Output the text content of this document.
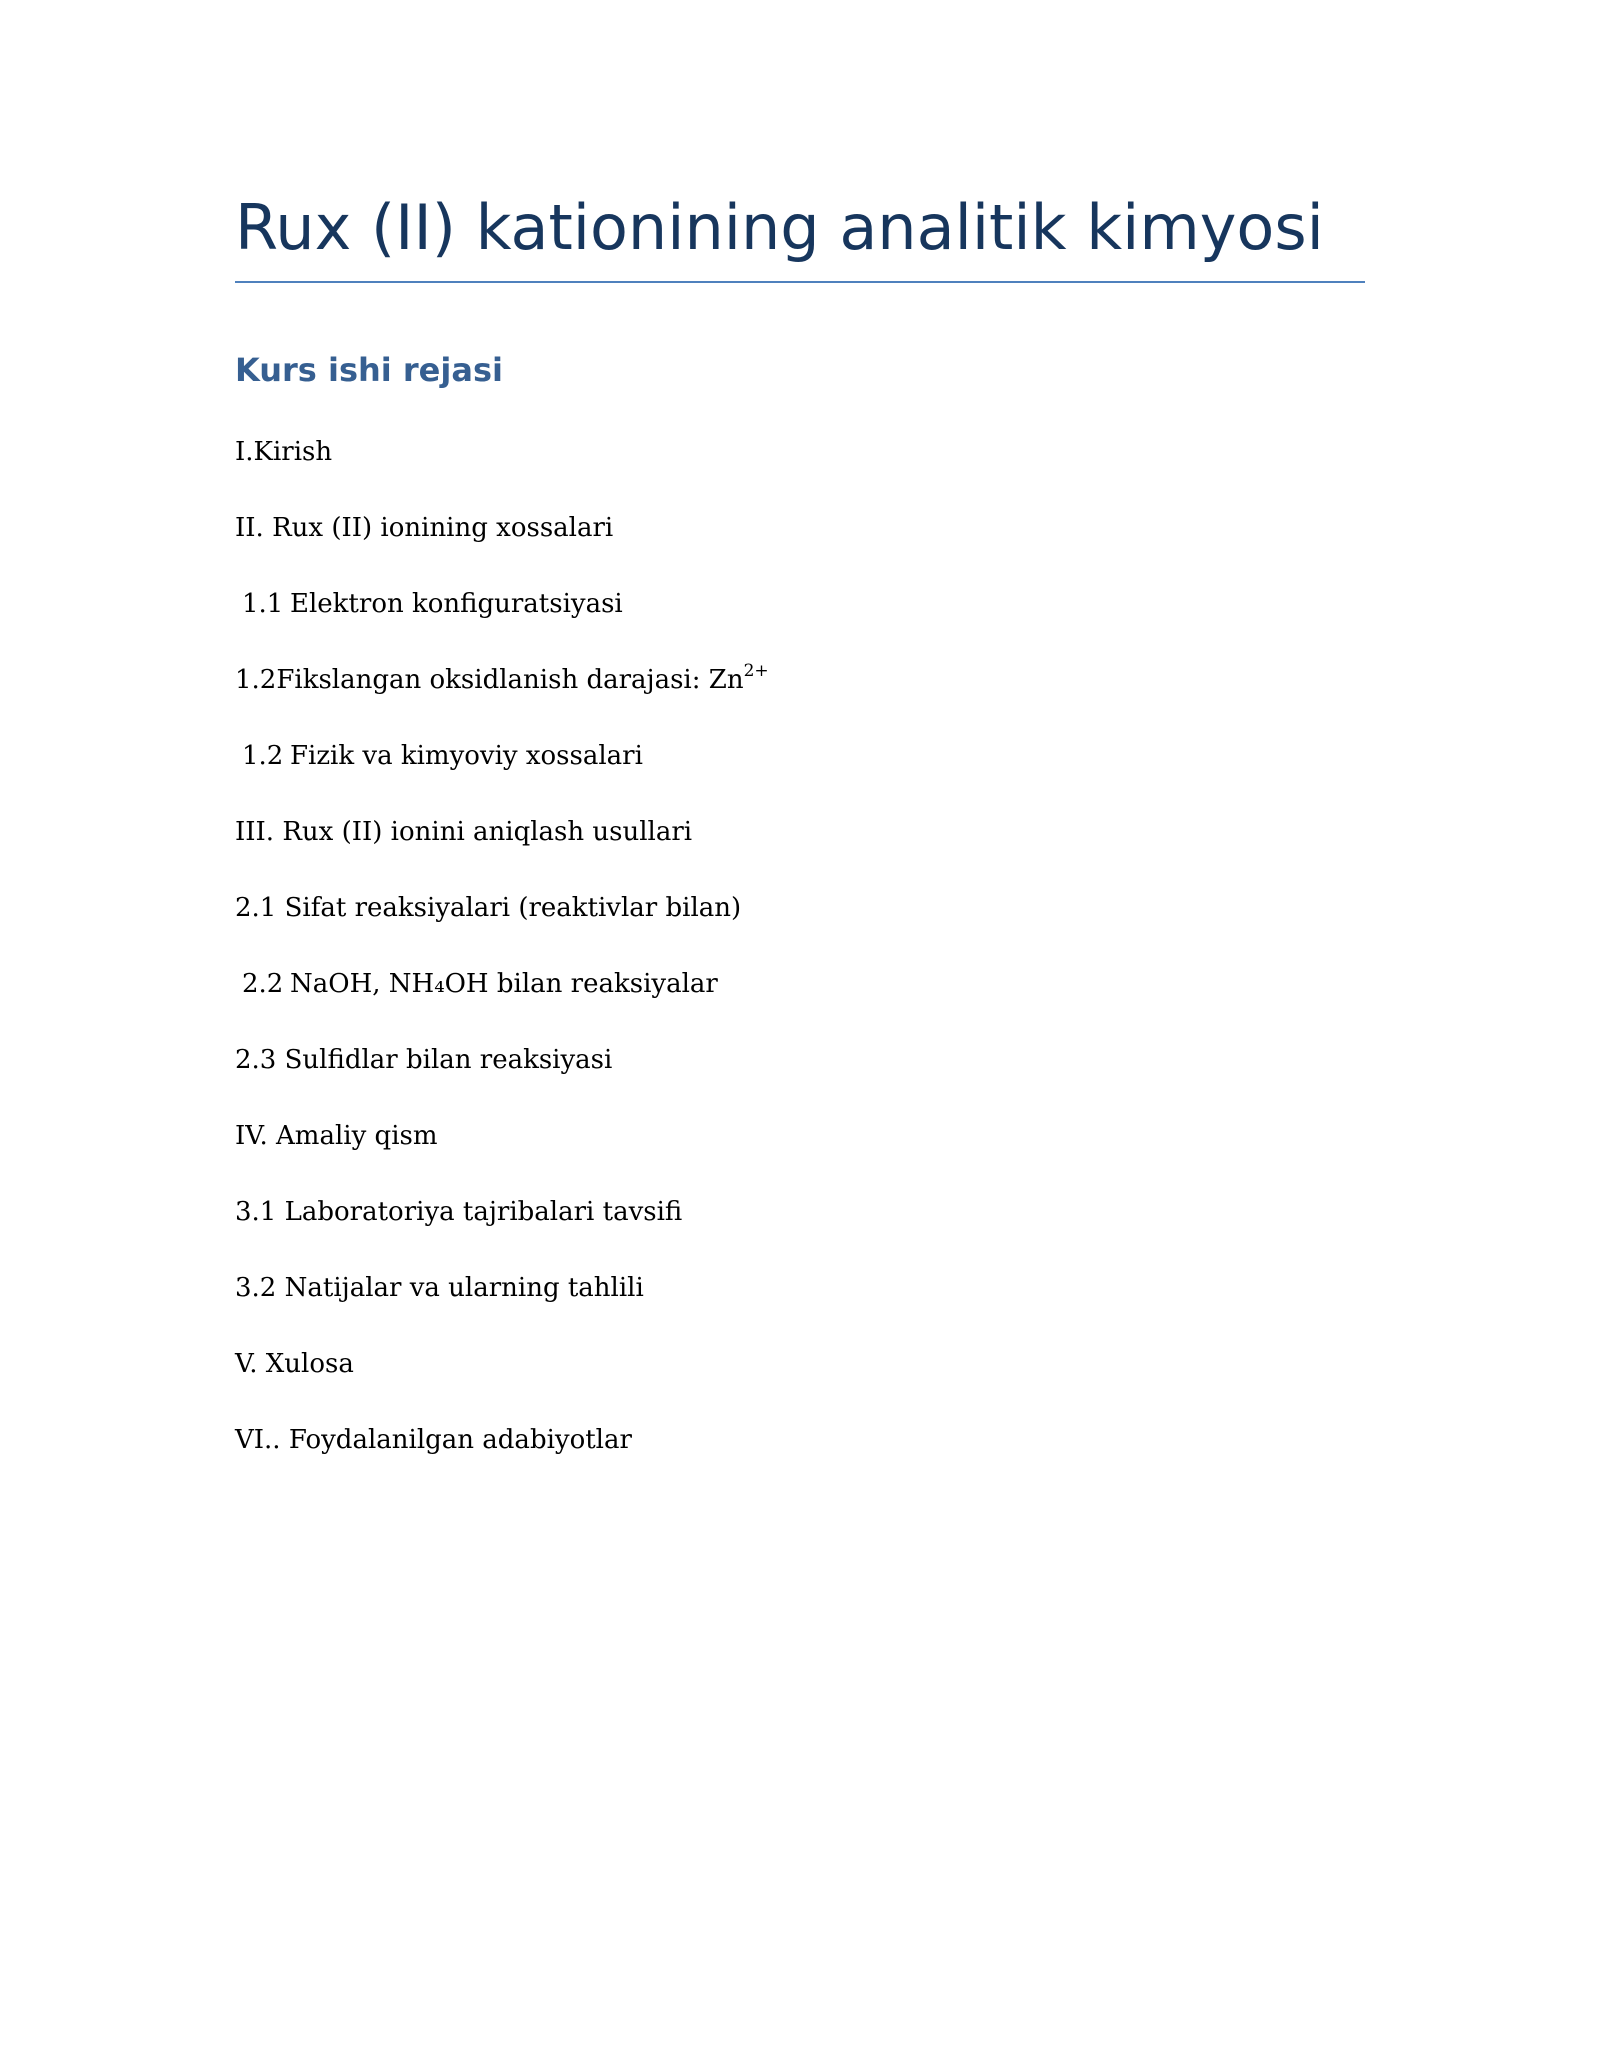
Rux (II) kationining analitik kimyosi
Kurs ishi rejasi
I.Kirish
II. Rux (II) ionining xossalari
1.1 Elektron konfiguratsiyasi
1.2Fikslangan oksidlanish darajasi: $Zn^{2+}$
1.2 Fizik va kimyoviy xossalari
III. Rux (II) ionini aniqlash usullari
2.1 Sifat reaksiyalari (reaktivlar bilan)
2.2 NaOH, NH₄OH bilan reaksiyalar
2.3 Sulfidlar bilan reaksiyasi
IV. Amaliy qism
3.1 Laboratoriya tajribalari tavsifi
3.2 Natijalar va ularning tahlili
V. Xulosa
VI.. Foydalanilgan adabiyotlar
